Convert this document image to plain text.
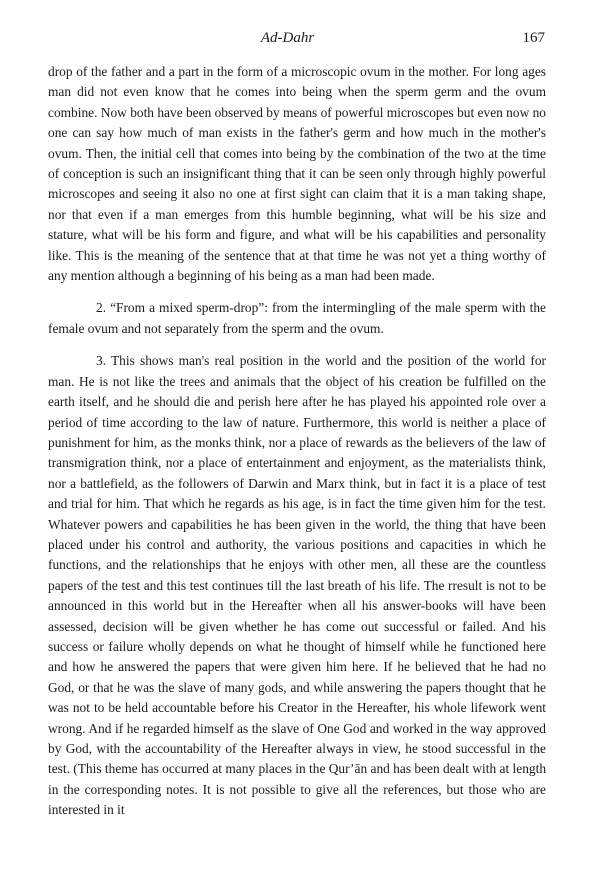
Ad-Dahr	167

drop of the father and a part in the form of a microscopic ovum in the mother. For long ages man did not even know that he comes into being when the sperm germ and the ovum combine. Now both have been observed by means of powerful microscopes but even now no one can say how much of man exists in the father's germ and how much in the mother's ovum. Then, the initial cell that comes into being by the combination of the two at the time of conception is such an insignificant thing that it can be seen only through highly powerful microscopes and seeing it also no one at first sight can claim that it is a man taking shape, nor that even if a man emerges from this humble beginning, what will be his size and stature, what will be his form and figure, and what will be his capabilities and personality like. This is the meaning of the sentence that at that time he was not yet a thing worthy of any mention although a beginning of his being as a man had been made.

2. “From a mixed sperm-drop”: from the intermingling of the male sperm with the female ovum and not separately from the sperm and the ovum.

3. This shows man's real position in the world and the position of the world for man. He is not like the trees and animals that the object of his creation be fulfilled on the earth itself, and he should die and perish here after he has played his appointed role over a period of time according to the law of nature. Furthermore, this world is neither a place of punishment for him, as the monks think, nor a place of rewards as the believers of the law of transmigration think, nor a place of entertainment and enjoyment, as the materialists think, nor a battlefield, as the followers of Darwin and Marx think, but in fact it is a place of test and trial for him. That which he regards as his age, is in fact the time given him for the test. Whatever powers and capabilities he has been given in the world, the thing that have been placed under his control and authority, the various positions and capacities in which he functions, and the relationships that he enjoys with other men, all these are the countless papers of the test and this test continues till the last breath of his life. The rresult is not to be announced in this world but in the Hereafter when all his answer-books will have been assessed, decision will be given whether he has come out successful or failed. And his success or failure wholly depends on what he thought of himself while he functioned here and how he answered the papers that were given him here. If he believed that he had no God, or that he was the slave of many gods, and while answering the papers thought that he was not to be held accountable before his Creator in the Hereafter, his whole lifework went wrong. And if he regarded himself as the slave of One God and worked in the way approved by God, with the accountability of the Hereafter always in view, he stood successful in the test. (This theme has occurred at many places in the Qur’ān and has been dealt with at length in the corresponding notes. It is not possible to give all the references, but those who are interested in it
